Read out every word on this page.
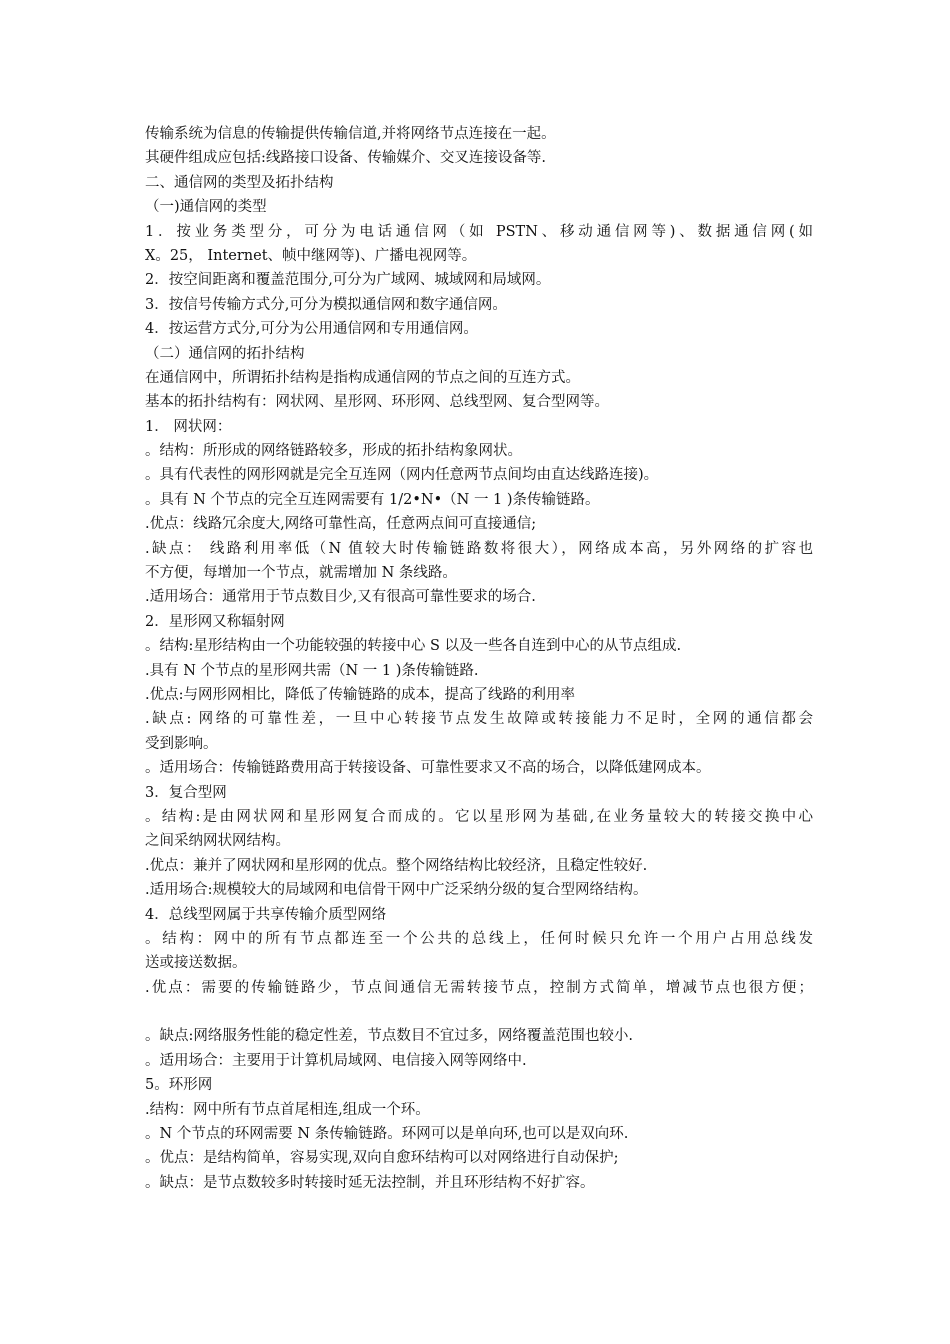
传输系统为信息的传输提供传输信道,并将网络节点连接在一起。
其硬件组成应包括:线路接口设备、传输媒介、交叉连接设备等.
二、通信网的类型及拓扑结构
（一)通信网的类型
1．按业务类型分，可分为电话通信网（如 PSTN、移动通信网等)、数据通信网(如
X。25， Internet、帧中继网等)、广播电视网等。
2．按空间距离和覆盖范围分,可分为广域网、城域网和局域网。
3．按信号传输方式分,可分为模拟通信网和数字通信网。
4．按运营方式分,可分为公用通信网和专用通信网。
（二）通信网的拓扑结构
在通信网中，所谓拓扑结构是指构成通信网的节点之间的互连方式。
基本的拓扑结构有：网状网、星形网、环形网、总线型网、复合型网等。
1． 网状网：
。结构：所形成的网络链路较多，形成的拓扑结构象网状。
。具有代表性的网形网就是完全互连网（网内任意两节点间均由直达线路连接)。
。具有 N 个节点的完全互连网需要有 1/2•N•（N 一 1 )条传输链路。
.优点：线路冗余度大,网络可靠性高，任意两点间可直接通信;
.缺点： 线路利用率低（N 值较大时传输链路数将很大），网络成本高，另外网络的扩容也
不方便，每增加一个节点，就需增加 N 条线路。
.适用场合：通常用于节点数目少,又有很高可靠性要求的场合.
2．星形网又称辐射网
。结构:星形结构由一个功能较强的转接中心 S 以及一些各自连到中心的从节点组成.
.具有 N 个节点的星形网共需（N 一 1 )条传输链路.
.优点:与网形网相比，降低了传输链路的成本，提高了线路的利用率
.缺点: 网络的可靠性差，一旦中心转接节点发生故障或转接能力不足时，全网的通信都会
受到影响。
。适用场合：传输链路费用高于转接设备、可靠性要求又不高的场合，以降低建网成本。
3．复合型网
。结构:是由网状网和星形网复合而成的。它以星形网为基础,在业务量较大的转接交换中心
之间采纳网状网结构。
.优点：兼并了网状网和星形网的优点。整个网络结构比较经济，且稳定性较好.
.适用场合:规模较大的局域网和电信骨干网中广泛采纳分级的复合型网络结构。
4．总线型网属于共享传输介质型网络
。结构：网中的所有节点都连至一个公共的总线上，任何时候只允许一个用户占用总线发
送或接送数据。
.优点：需要的传输链路少，节点间通信无需转接节点，控制方式简单，增减节点也很方便；
。缺点:网络服务性能的稳定性差，节点数目不宜过多，网络覆盖范围也较小.
。适用场合：主要用于计算机局域网、电信接入网等网络中.
5。环形网
.结构：网中所有节点首尾相连,组成一个环。
。N 个节点的环网需要 N 条传输链路。环网可以是单向环,也可以是双向环.
。优点：是结构简单，容易实现,双向自愈环结构可以对网络进行自动保护;
。缺点：是节点数较多时转接时延无法控制，并且环形结构不好扩容。
